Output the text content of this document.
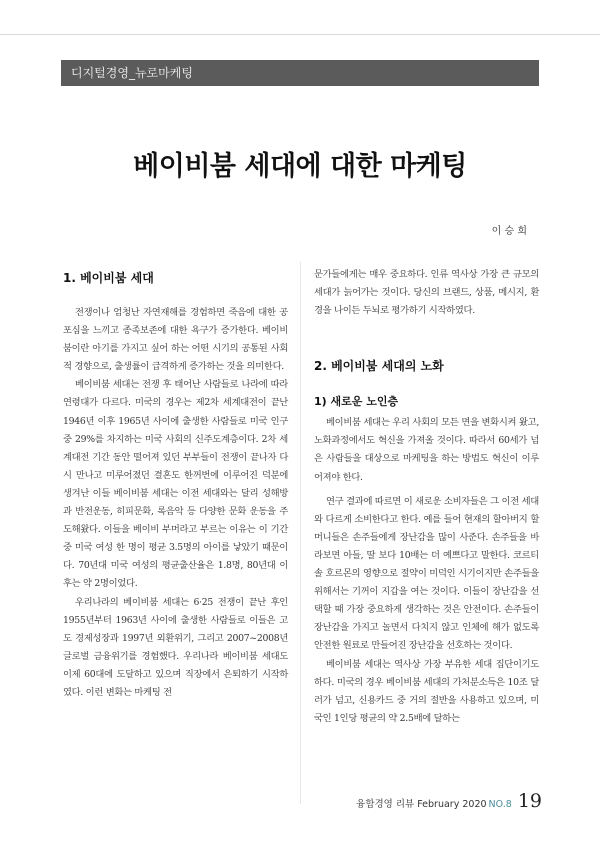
디지털경영_뉴로마케팅
베이비붐 세대에 대한 마케팅
이 승 희
1. 베이비붐 세대

전쟁이나 엄청난 자연재해를 경험하면 죽음에 대한 공포심을 느끼고 종족보존에 대한 욕구가 증가한다. 베이비붐이란 아기를 가지고 싶어 하는 어떤 시기의 공통된 사회적 경향으로, 출생률이 급격하게 증가하는 것을 의미한다.

베이비붐 세대는 전쟁 후 태어난 사람들로 나라에 따라 연령대가 다르다. 미국의 경우는 제2차 세계대전이 끝난 1946년 이후 1965년 사이에 출생한 사람들로 미국 인구 중 29%를 차지하는 미국 사회의 신주도계층이다. 2차 세계대전 기간 동안 떨어져 있던 부부들이 전쟁이 끝나자 다시 만나고 미루어졌던 결혼도 한꺼번에 이루어진 덕분에 생겨난 이들 베이비붐 세대는 이전 세대와는 달리 성해방과 반전운동, 히피문화, 록음악 등 다양한 문화 운동을 주도해왔다. 이들을 베이비 부머라고 부르는 이유는 이 기간 중 미국 여성 한 명이 평균 3.5명의 아이를 낳았기 때문이다. 70년대 미국 여성의 평균출산율은 1.8명, 80년대 이후는 약 2명이었다.

우리나라의 베이비붐 세대는 6·25 전쟁이 끝난 후인 1955년부터 1963년 사이에 출생한 사람들로 이들은 고도 경제성장과 1997년 외환위기, 그리고 2007~2008년 글로벌 금융위기를 경험했다. 우리나라 베이비붐 세대도 이제 60대에 도달하고 있으며 직장에서 은퇴하기 시작하였다. 이런 변화는 마케팅 전

문가들에게는 매우 중요하다. 인류 역사상 가장 큰 규모의 세대가 늙어가는 것이다. 당신의 브랜드, 상품, 메시지, 환경을 나이든 두뇌로 평가하기 시작하였다.

2. 베이비붐 세대의 노화
1) 새로운 노인층

베이비붐 세대는 우리 사회의 모든 면을 변화시켜 왔고, 노화과정에서도 혁신을 가져올 것이다. 따라서 60세가 넘은 사람들을 대상으로 마케팅을 하는 방법도 혁신이 이루어져야 한다.

연구 결과에 따르면 이 새로운 소비자들은 그 이전 세대와 다르게 소비한다고 한다. 예를 들어 현재의 할아버지 할머니들은 손주들에게 장난감을 많이 사준다. 손주들을 바라보면 아들, 딸 보다 10배는 더 예쁘다고 말한다. 코르티솔 호르몬의 영향으로 절약이 미덕인 시기이지만 손주들을 위해서는 기꺼이 지갑을 여는 것이다. 이들이 장난감을 선택할 때 가장 중요하게 생각하는 것은 안전이다. 손주들이 장난감을 가지고 놀면서 다치지 않고 인체에 해가 없도록 안전한 원료로 만들어진 장난감을 선호하는 것이다.

베이비붐 세대는 역사상 가장 부유한 세대 집단이기도 하다. 미국의 경우 베이비붐 세대의 가처분소득은 10조 달러가 넘고, 신용카드 중 거의 절반을 사용하고 있으며, 미국인 1인당 평균의 약 2.5배에 달하는

융합경영 리뷰 February 2020 NO.8 19
